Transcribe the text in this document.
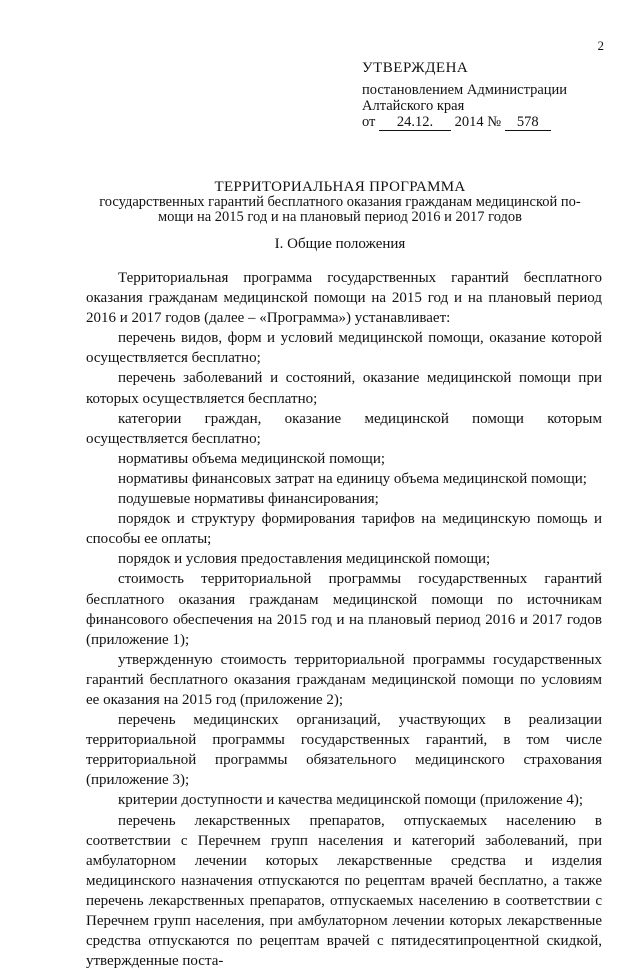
2
УТВЕРЖДЕНА
постановлением Администрации
Алтайского края
от 24.12. 2014 № 578
ТЕРРИТОРИАЛЬНАЯ ПРОГРАММА
государственных гарантий бесплатного оказания гражданам медицинской по-
мощи на 2015 год и на плановый период 2016 и 2017 годов
I. Общие положения

Территориальная программа государственных гарантий бесплатного оказания гражданам медицинской помощи на 2015 год и на плановый период 2016 и 2017 годов (далее – «Программа») устанавливает:

перечень видов, форм и условий медицинской помощи, оказание которой осуществляется бесплатно;

перечень заболеваний и состояний, оказание медицинской помощи при которых осуществляется бесплатно;

категории граждан, оказание медицинской помощи которым осуществляется бесплатно;

нормативы объема медицинской помощи;

нормативы финансовых затрат на единицу объема медицинской помощи;

подушевые нормативы финансирования;

порядок и структуру формирования тарифов на медицинскую помощь и способы ее оплаты;

порядок и условия предоставления медицинской помощи;

стоимость территориальной программы государственных гарантий бесплатного оказания гражданам медицинской помощи по источникам финансового обеспечения на 2015 год и на плановый период 2016 и 2017 годов (приложение 1);

утвержденную стоимость территориальной программы государственных гарантий бесплатного оказания гражданам медицинской помощи по условиям ее оказания на 2015 год (приложение 2);

перечень медицинских организаций, участвующих в реализации территориальной программы государственных гарантий, в том числе территориальной программы обязательного медицинского страхования (приложение 3);

критерии доступности и качества медицинской помощи (приложение 4);

перечень лекарственных препаратов, отпускаемых населению в соответствии с Перечнем групп населения и категорий заболеваний, при амбулаторном лечении которых лекарственные средства и изделия медицинского назначения отпускаются по рецептам врачей бесплатно, а также перечень лекарственных препаратов, отпускаемых населению в соответствии с Перечнем групп населения, при амбулаторном лечении которых лекарственные средства отпускаются по рецептам врачей с пятидесятипроцентной скидкой, утвержденные поста-
